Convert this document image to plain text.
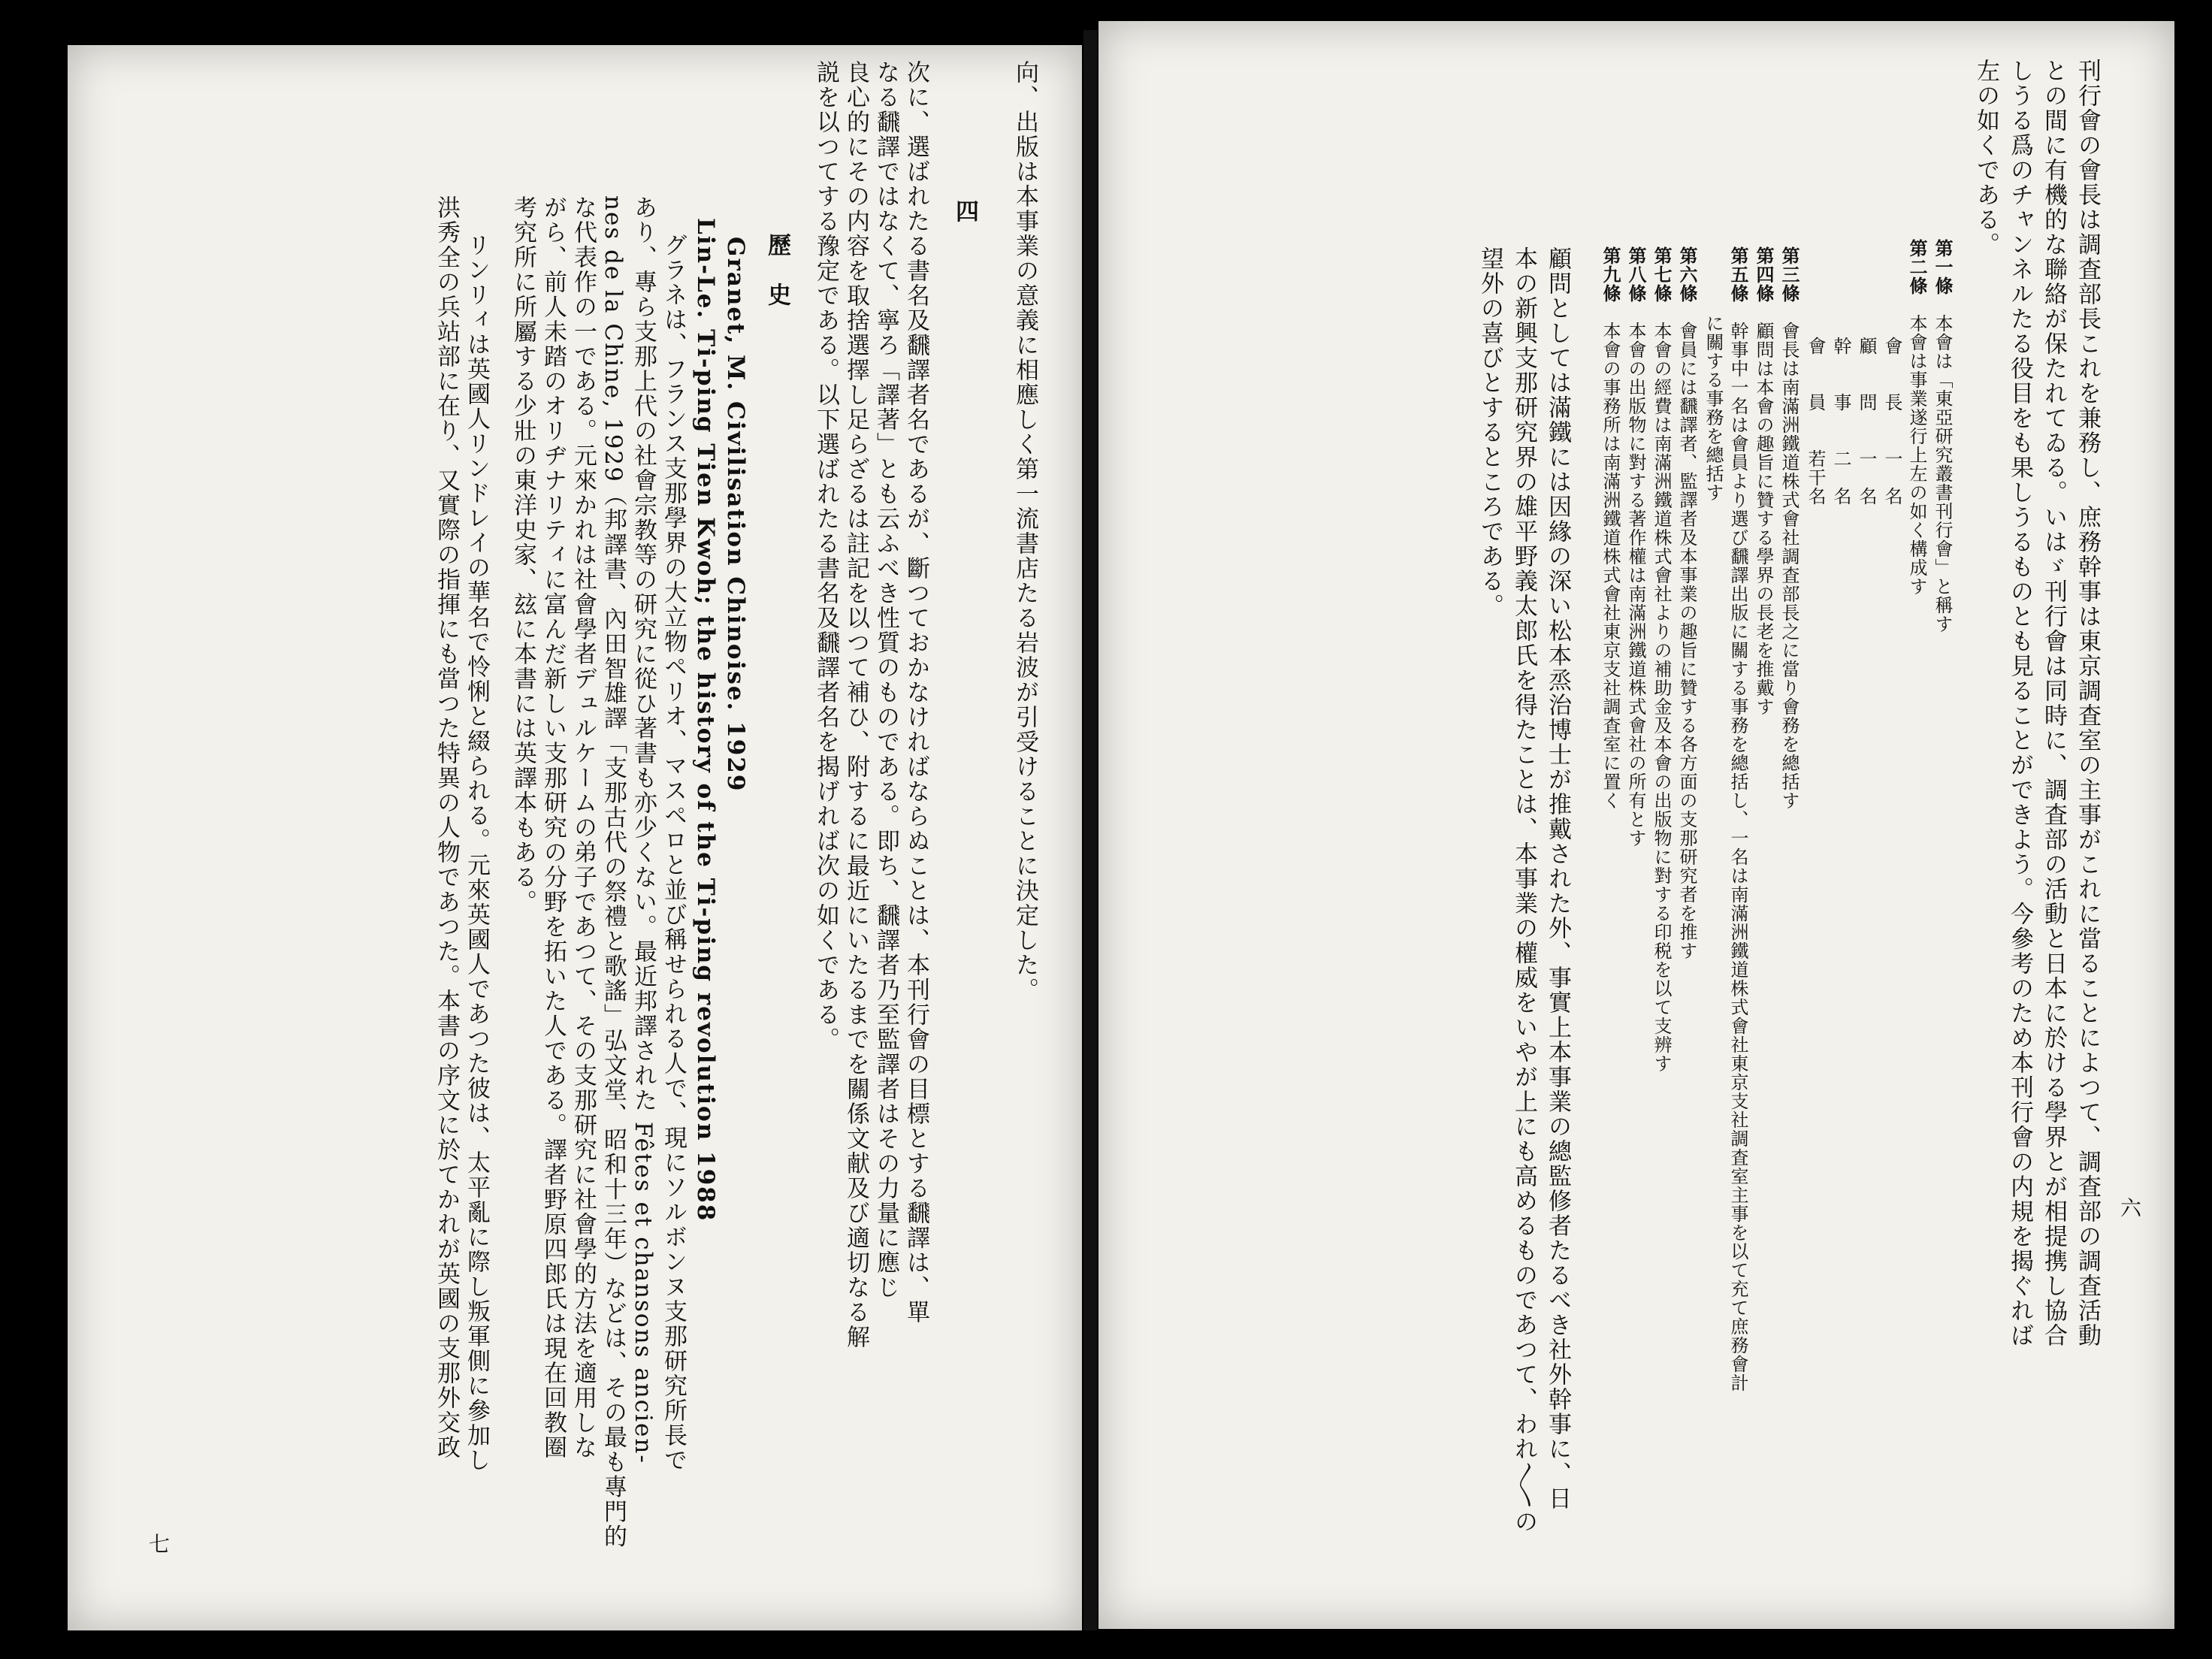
向、出版は本事業の意義に相應しく第一流書店たる岩波が引受けることに決定した。
四
次に、選ばれたる書名及飜譯者名であるが、斷つておかなければならぬことは、本刊行會の目標とする飜譯は、單
なる飜譯ではなくて、寧ろ「譯著」とも云ふべき性質のものである。即ち、飜譯者乃至監譯者はその力量に應じ
良心的にその内容を取捨選擇し足らざるは註記を以つて補ひ、附するに最近にいたるまでを關係文献及び適切なる解
説を以つてする豫定である。以下選ばれたる書名及飜譯者名を揭げれば次の如くである。
歷　史
Granet, M. Civilisation Chinoise. 1929
Lin-Le. Ti-ping Tien Kwoh; the history of the Ti-ping revolution 1988
グラネは、フランス支那學界の大立物ペリオ、マスペロと並び稱せられる人で、現にソルボンヌ支那研究所長で
あり、專ら支那上代の社會宗教等の研究に從ひ著書も亦少くない。最近邦譯された Fêtes et chansons ancien-
nes de la Chine, 1929（邦譯書、內田智雄譯「支那古代の祭禮と歌謠」弘文堂、昭和十三年）などは、その最も專門的
な代表作の一である。元來かれは社會學者デュルケームの弟子であつて、その支那研究に社會學的方法を適用しな
がら、前人未踏のオリヂナリティに富んだ新しい支那研究の分野を拓いた人である。譯者野原四郎氏は現在回教圈
考究所に所屬する少壯の東洋史家、玆に本書には英譯本もある。
リンリィは英國人リンドレイの華名で怜悧と綴られる。元來英國人であつた彼は、太平亂に際し叛軍側に參加し
洪秀全の兵站部に在り、又實際の指揮にも當つた特異の人物であつた。本書の序文に於てかれが英國の支那外交政
七
六
刊行會の會長は調査部長これを兼務し、庶務幹事は東京調査室の主事がこれに當ることによつて、調査部の調査活動
との間に有機的な聯絡が保たれてゐる。いはゞ刊行會は同時に、調査部の活動と日本に於ける學界とが相提携し協合
しうる爲のチャンネルたる役目をも果しうるものとも見ることができよう。今參考のため本刊行會の内規を揭ぐれば
左の如くである。
第一條　本會は「東亞研究叢書刊行會」と稱す
第二條　本會は事業遂行上左の如く構成す
會　　長　　一　名
顧　　問　　一　名
幹　　事　　二　名
會　　員　　若干名
第三條　會長は南滿洲鐵道株式會社調査部長之に當り會務を總括す
第四條　顧問は本會の趣旨に贊する學界の長老を推戴す
第五條　幹事中一名は會員より選び飜譯出版に關する事務を總括し、一名は南滿洲鐵道株式會社東京支社調査室主事を以て充て庶務會計
に關する事務を總括す
第六條　會員には飜譯者、監譯者及本事業の趣旨に贊する各方面の支那研究者を推す
第七條　本會の經費は南滿洲鐵道株式會社よりの補助金及本會の出版物に對する印税を以て支辨す
第八條　本會の出版物に對する著作權は南滿洲鐵道株式會社の所有とす
第九條　本會の事務所は南滿洲鐵道株式會社東京支社調査室に置く
顧問としては滿鐵には因緣の深い松本烝治博士が推戴された外、事實上本事業の總監修者たるべき社外幹事に、日
本の新興支那研究界の雄平野義太郎氏を得たことは、本事業の權威をいやが上にも高めるものであつて、われ〳〵の
望外の喜びとするところである。
